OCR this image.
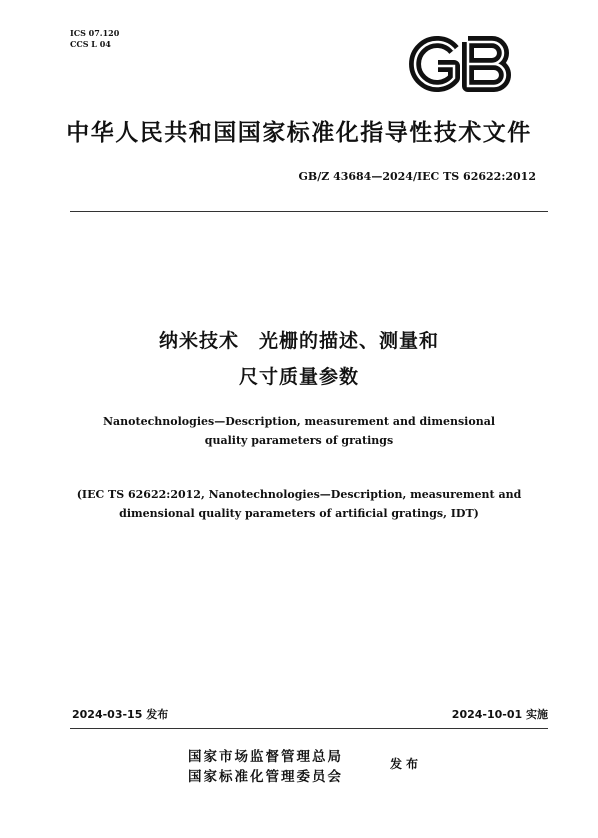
ICS 07.120
CCS L 04
GB
中华人民共和国国家标准化指导性技术文件
GB/Z 43684—2024/IEC TS 62622:2012
纳米技术　光栅的描述、测量和
尺寸质量参数
Nanotechnologies—Description, measurement and dimensional
quality parameters of gratings
(IEC TS 62622:2012, Nanotechnologies—Description, measurement and
dimensional quality parameters of artificial gratings, IDT)
2024-03-15 发布	2024-10-01 实施
国家市场监督管理总局
国家标准化管理委员会
发布
